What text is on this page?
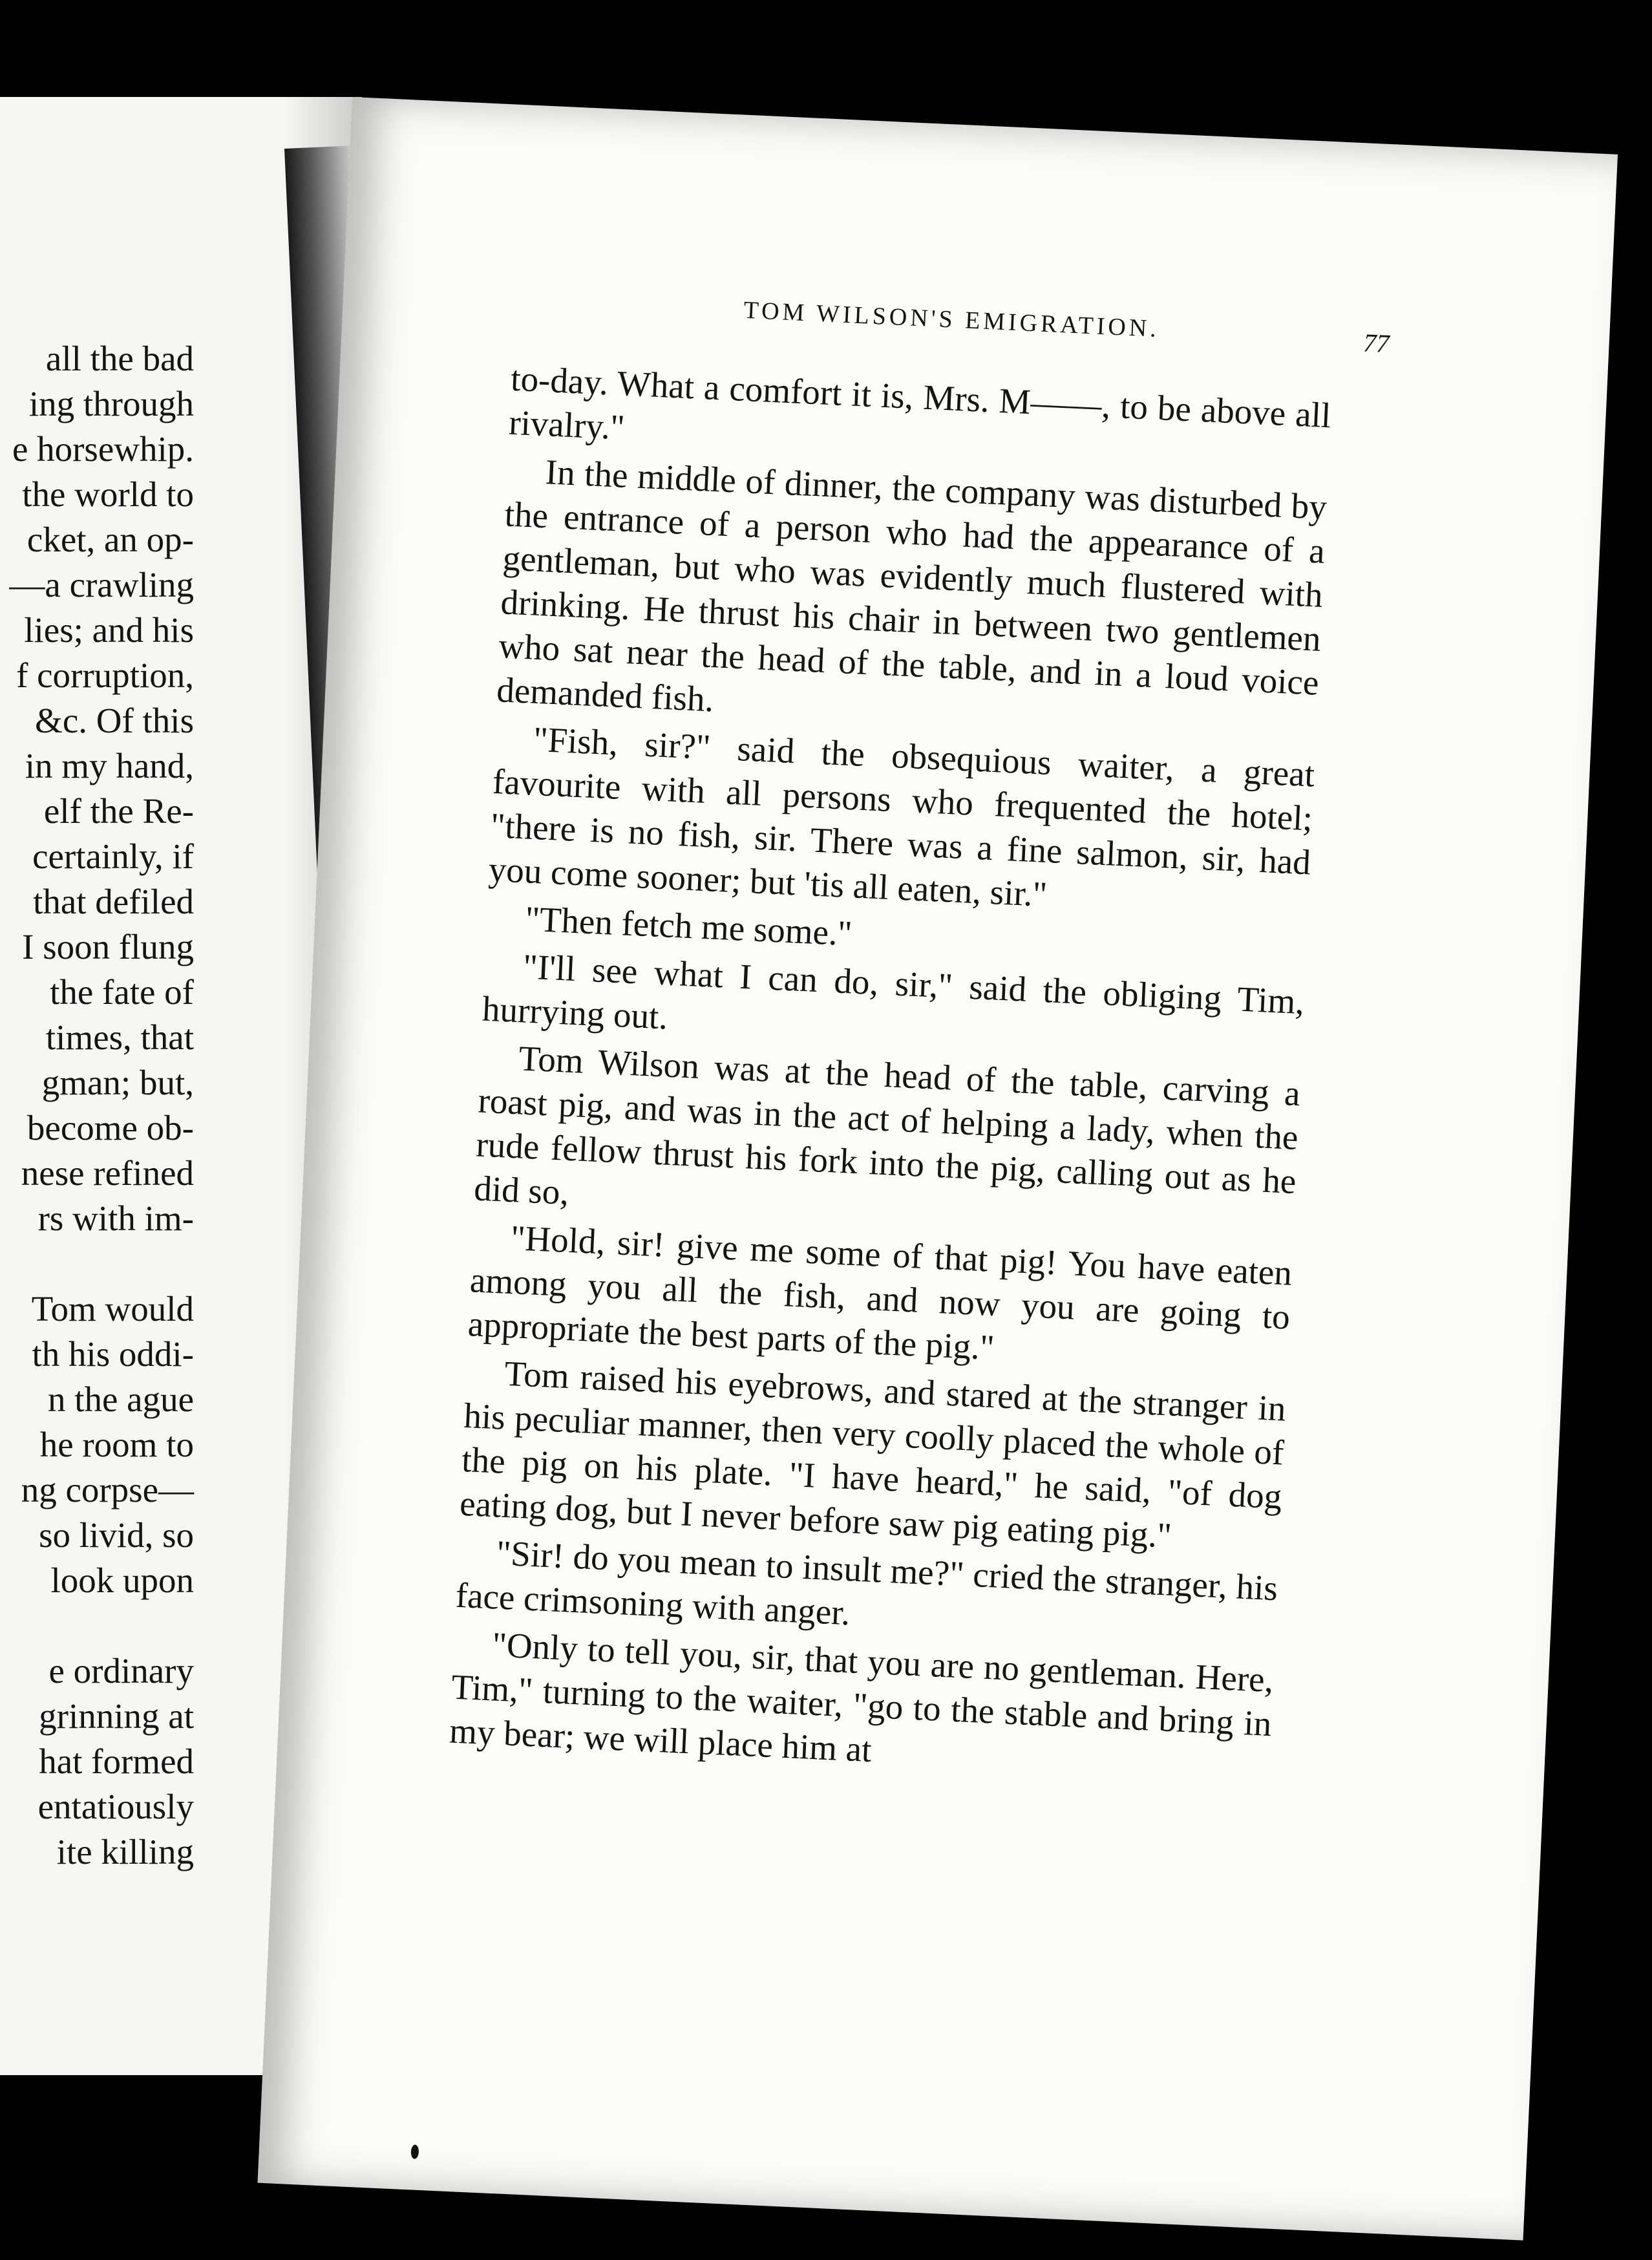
all the bad
ing through
e horsewhip.
the world to
cket, an op-
—a crawling
lies; and his
f corruption,
&c. Of this
in my hand,
elf the Re-
certainly, if
that defiled
I soon flung
the fate of
times, that
gman; but,
become ob-
nese refined
rs with im-
Tom would
th his oddi-
n the ague
he room to
ng corpse—
so livid, so
look upon
e ordinary
grinning at
hat formed
entatiously
ite killing
TOM WILSON'S EMIGRATION.
77

to-day. What a comfort it is, Mrs. M——, to be above all rivalry."

In the middle of dinner, the company was disturbed by the entrance of a person who had the appearance of a gentleman, but who was evidently much flustered with drinking. He thrust his chair in between two gentlemen who sat near the head of the table, and in a loud voice demanded fish.

"Fish, sir?" said the obsequious waiter, a great favourite with all persons who frequented the hotel; "there is no fish, sir. There was a fine salmon, sir, had you come sooner; but 'tis all eaten, sir."

"Then fetch me some."

"I'll see what I can do, sir," said the obliging Tim, hurrying out.

Tom Wilson was at the head of the table, carving a roast pig, and was in the act of helping a lady, when the rude fellow thrust his fork into the pig, calling out as he did so,

"Hold, sir! give me some of that pig! You have eaten among you all the fish, and now you are going to appropriate the best parts of the pig."

Tom raised his eyebrows, and stared at the stranger in his peculiar manner, then very coolly placed the whole of the pig on his plate. "I have heard," he said, "of dog eating dog, but I never before saw pig eating pig."

"Sir! do you mean to insult me?" cried the stranger, his face crimsoning with anger.

"Only to tell you, sir, that you are no gentleman. Here, Tim," turning to the waiter, "go to the stable and bring in my bear; we will place him at
